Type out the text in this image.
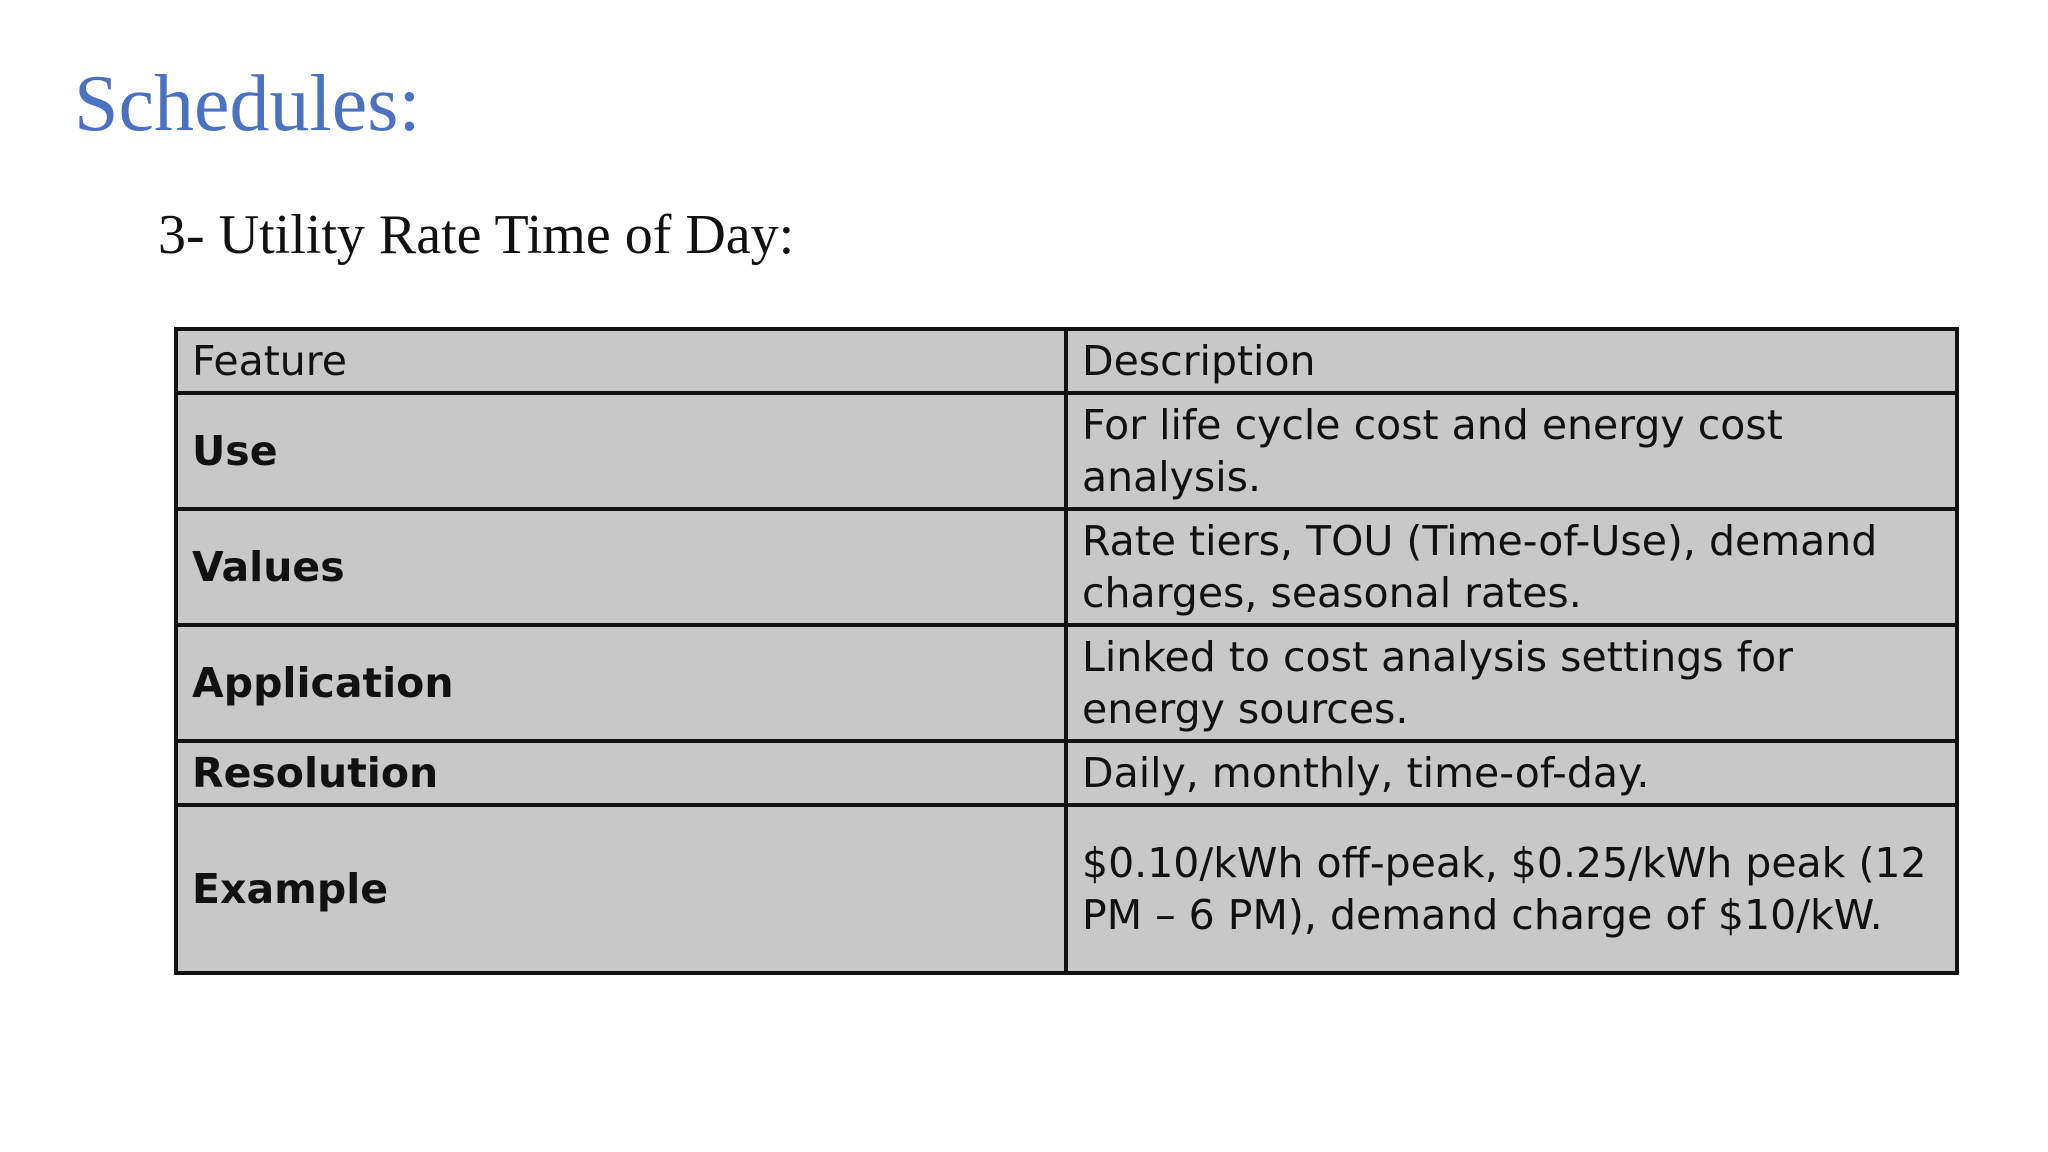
Schedules:
3- Utility Rate Time of Day:
Feature	Description
Use	For life cycle cost and energy cost analysis.

Values	Rate tiers, TOU (Time-of-Use), demand charges, seasonal rates.

Application	Linked to cost analysis settings for energy sources.

Resolution	Daily, monthly, time-of-day.

Example	$0.10/kWh off-peak, $0.25/kWh peak (12 PM – 6 PM), demand charge of $10/kW.
